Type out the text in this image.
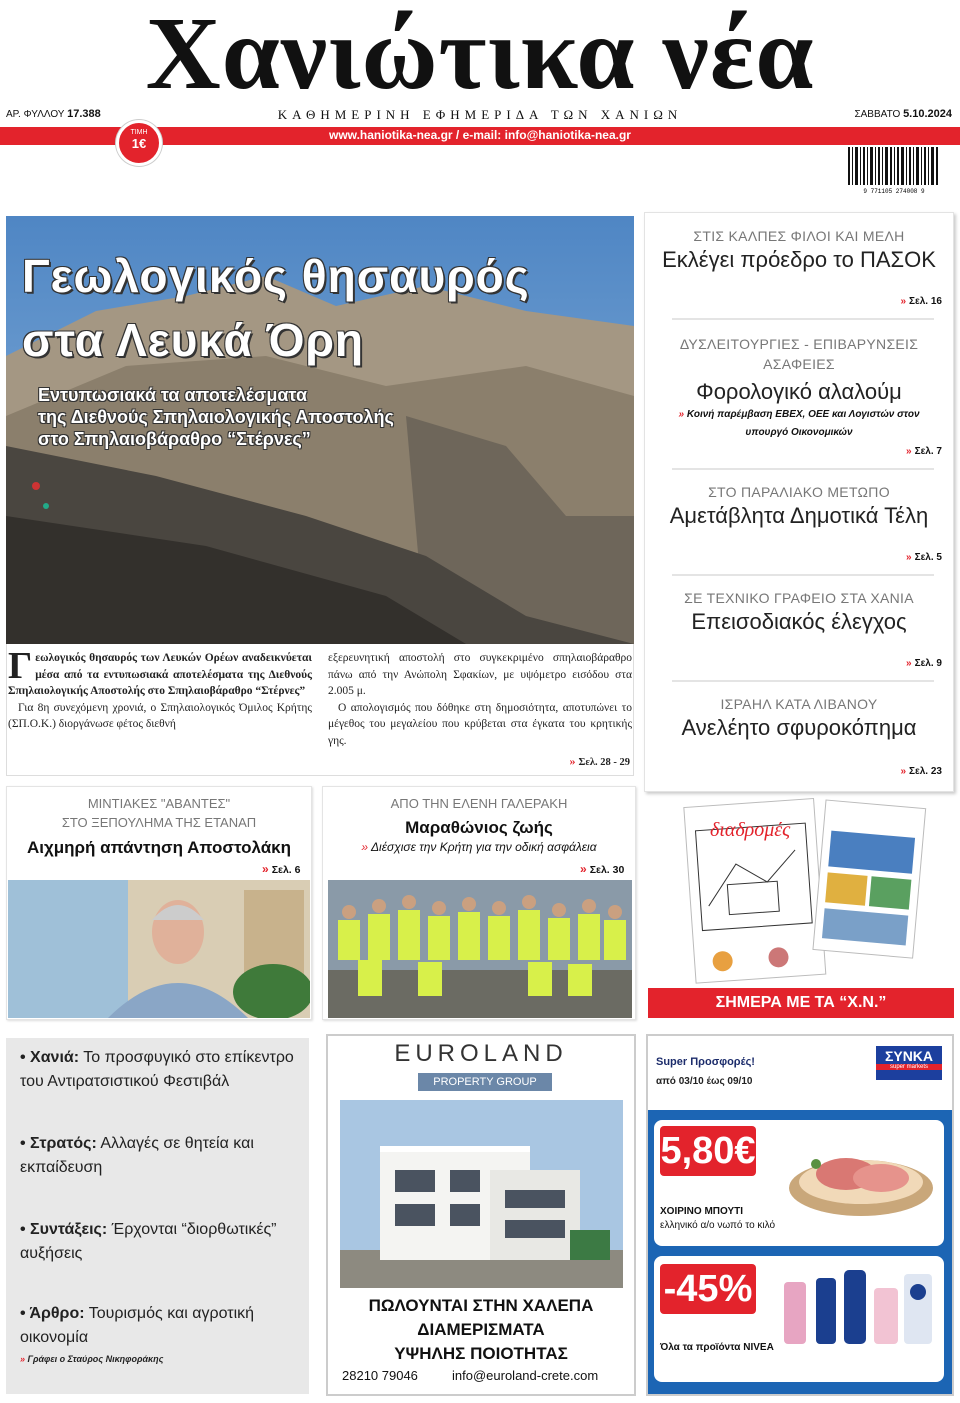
Χανιώτικα νέα
ΑΡ. ΦΥΛΛΟΥ 17.388	ΚΑΘΗΜΕΡΙΝΗ ΕΦΗΜΕΡΙΔΑ ΤΩΝ ΧΑΝΙΩΝ	ΣΑΒΒΑΤΟ 5.10.2024
www.haniotika-nea.gr / e-mail: info@haniotika-nea.gr
ΤΙΜΗ
1€
9 771105 274008 9
Γεωλογικός θησαυρός
στα Λευκά Όρη
Εντυπωσιακά τα αποτελέσματα
της Διεθνούς Σπηλαιολογικής Αποστολής
στο Σπηλαιοβάραθρο “Στέρνες”
Γεωλογικός θησαυρός των Λευκών Ορέων αναδεικνύεται μέσα από τα εντυπωσιακά αποτελέσματα της Διεθνούς Σπηλαιολογικής Αποστολής στο Σπηλαιοβάραθρο “Στέρνες”
Για 8η συνεχόμενη χρονιά, ο Σπηλαιολογικός Όμιλος Κρήτης (ΣΠ.Ο.Κ.) διοργάνωσε φέτος διεθνή
εξερευνητική αποστολή στο συγκεκριμένο σπηλαιοβάραθρο πάνω από την Ανώπολη Σφακίων, με υψόμετρο εισόδου στα 2.005 μ.
Ο απολογισμός που δόθηκε στη δημοσιότητα, αποτυπώνει το μέγεθος του μεγαλείου που κρύβεται στα έγκατα του κρητικής γης.
» Σελ. 28 - 29
ΣΤΙΣ ΚΑΛΠΕΣ ΦΙΛΟΙ ΚΑΙ ΜΕΛΗ
Εκλέγει πρόεδρο το ΠΑΣΟΚ
» Σελ. 16
ΔΥΣΛΕΙΤΟΥΡΓΙΕΣ - ΕΠΙΒΑΡΥΝΣΕΙΣ ΑΣΑΦΕΙΕΣ
Φορολογικό αλαλούμ
» Κοινή παρέμβαση ΕΒΕΧ, ΟΕΕ και Λογιστών στον υπουργό Οικονομικών
» Σελ. 7
ΣΤΟ ΠΑΡΑΛΙΑΚΟ ΜΕΤΩΠΟ
Αμετάβλητα Δημοτικά Τέλη
» Σελ. 5
ΣΕ ΤΕΧΝΙΚΟ ΓΡΑΦΕΙΟ ΣΤΑ ΧΑΝΙΑ
Επεισοδιακός έλεγχος
» Σελ. 9
ΙΣΡΑΗΛ ΚΑΤΑ ΛΙΒΑΝΟΥ
Ανελέητο σφυροκόπημα
» Σελ. 23
διαδρομές
ΣΗΜΕΡΑ ΜΕ ΤΑ “Χ.Ν.”
ΜΙΝΤΙΑΚΕΣ "ΑΒΑΝΤΕΣ"
ΣΤΟ ΞΕΠΟΥΛΗΜΑ ΤΗΣ ΕΤΑΝΑΠ
Αιχμηρή απάντηση Αποστολάκη
» Σελ. 6
ΑΠΟ ΤΗΝ ΕΛΕΝΗ ΓΑΛΕΡΑΚΗ
Μαραθώνιος ζωής
» Διέσχισε την Κρήτη για την οδική ασφάλεια
» Σελ. 30
• Χανιά: Το προσφυγικό στο επίκεντρο του Αντιρατσιστικού Φεστιβάλ
»
• Στρατός: Αλλαγές σε θητεία και εκπαίδευση
»
• Συντάξεις: Έρχονται “διορθωτικές” αυξήσεις
»
• Άρθρο: Τουρισμός και αγροτική οικονομία
» Γράφει ο Σταύρος Νικηφοράκης
»
EUROLAND
PROPERTY GROUP
ΠΩΛΟΥΝΤΑΙ ΣΤΗΝ ΧΑΛΕΠΑ
ΔΙΑΜΕΡΙΣΜΑΤΑ
ΥΨΗΛΗΣ ΠΟΙΟΤΗΤΑΣ
28210 79046	info@euroland-crete.com
Super Προσφορές!
από 03/10 έως 09/10
ΣΥΝΚΑ
super markets
5,80€
ΧΟΙΡΙΝΟ ΜΠΟΥΤΙ
ελληνικό α/ο νωπό το κιλό
-45%
Όλα τα προϊόντα NIVEA
